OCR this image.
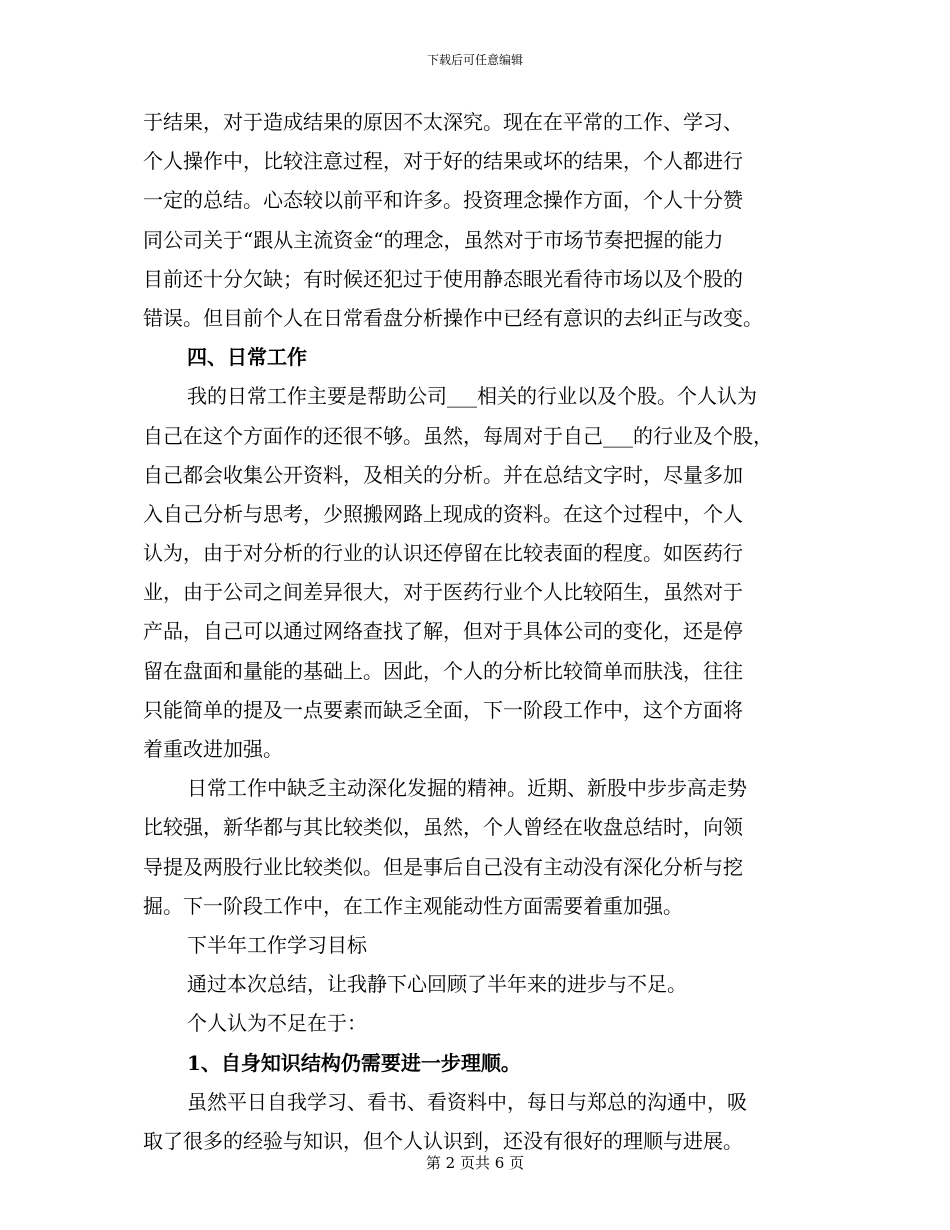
下载后可任意编辑
于结果，对于造成结果的原因不太深究。现在在平常的工作、学习、
个人操作中，比较注意过程，对于好的结果或坏的结果，个人都进行
一定的总结。心态较以前平和许多。投资理念操作方面，个人十分赞
同公司关于“跟从主流资金“的理念，虽然对于市场节奏把握的能力
目前还十分欠缺；有时候还犯过于使用静态眼光看待市场以及个股的
错误。但目前个人在日常看盘分析操作中已经有意识的去纠正与改变。
四、日常工作
我的日常工作主要是帮助公司___相关的行业以及个股。个人认为
自己在这个方面作的还很不够。虽然，每周对于自己___的行业及个股，
自己都会收集公开资料，及相关的分析。并在总结文字时，尽量多加
入自己分析与思考，少照搬网路上现成的资料。在这个过程中，个人
认为，由于对分析的行业的认识还停留在比较表面的程度。如医药行
业，由于公司之间差异很大，对于医药行业个人比较陌生，虽然对于
产品，自己可以通过网络查找了解，但对于具体公司的变化，还是停
留在盘面和量能的基础上。因此，个人的分析比较简单而肤浅，往往
只能简单的提及一点要素而缺乏全面，下一阶段工作中，这个方面将
着重改进加强。
日常工作中缺乏主动深化发掘的精神。近期、新股中步步高走势
比较强，新华都与其比较类似，虽然，个人曾经在收盘总结时，向领
导提及两股行业比较类似。但是事后自己没有主动没有深化分析与挖
掘。下一阶段工作中，在工作主观能动性方面需要着重加强。
下半年工作学习目标
通过本次总结，让我静下心回顾了半年来的进步与不足。
个人认为不足在于：
1、自身知识结构仍需要进一步理顺。
虽然平日自我学习、看书、看资料中，每日与郑总的沟通中，吸
取了很多的经验与知识，但个人认识到，还没有很好的理顺与进展。
第 2 页共 6 页
